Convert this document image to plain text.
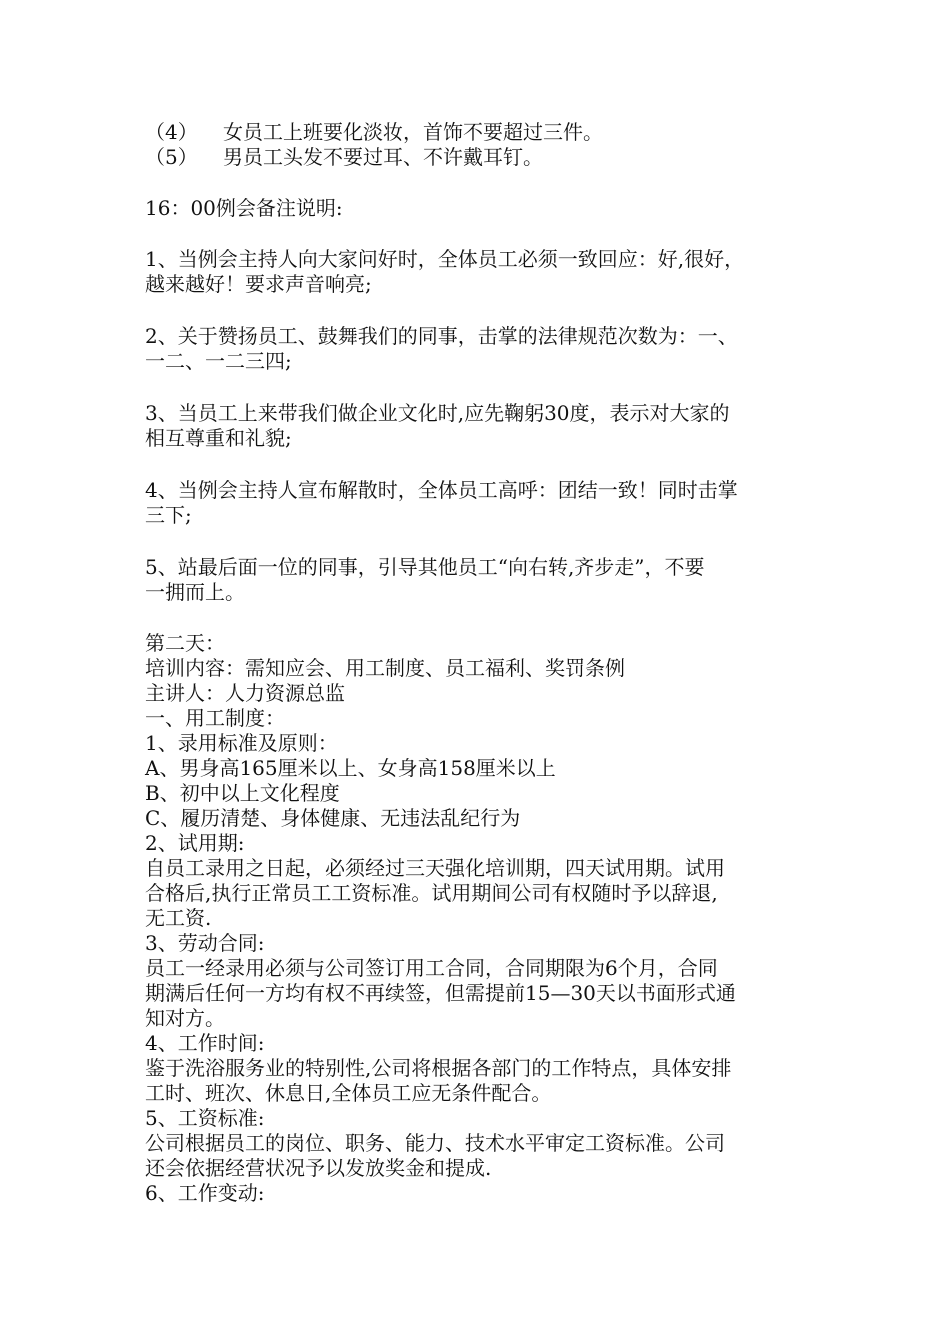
（4） 女员工上班要化淡妆，首饰不要超过三件。
（5） 男员工头发不要过耳、不许戴耳钉。
16：00例会备注说明:
1、当例会主持人向大家问好时，全体员工必须一致回应：好,很好，
越来越好！要求声音响亮;
2、关于赞扬员工、鼓舞我们的同事，击掌的法律规范次数为：一、
一二、一二三四;
3、当员工上来带我们做企业文化时,应先鞠躬30度，表示对大家的
相互尊重和礼貌;
4、当例会主持人宣布解散时，全体员工高呼：团结一致！同时击掌
三下;
5、站最后面一位的同事，引导其他员工“向右转,齐步走”，不要
一拥而上。
第二天：
培训内容：需知应会、用工制度、员工福利、奖罚条例
主讲人：人力资源总监
一、用工制度：
1、录用标准及原则：
A、男身高165厘米以上、女身高158厘米以上
B、初中以上文化程度
C、履历清楚、身体健康、无违法乱纪行为
2、试用期:
自员工录用之日起，必须经过三天强化培训期，四天试用期。试用
合格后,执行正常员工工资标准。试用期间公司有权随时予以辞退,
无工资.
3、劳动合同:
员工一经录用必须与公司签订用工合同，合同期限为6个月，合同
期满后任何一方均有权不再续签，但需提前15—30天以书面形式通
知对方。
4、工作时间:
鉴于洗浴服务业的特别性,公司将根据各部门的工作特点，具体安排
工时、班次、休息日,全体员工应无条件配合。
5、工资标准:
公司根据员工的岗位、职务、能力、技术水平审定工资标准。公司
还会依据经营状况予以发放奖金和提成.
6、工作变动:
